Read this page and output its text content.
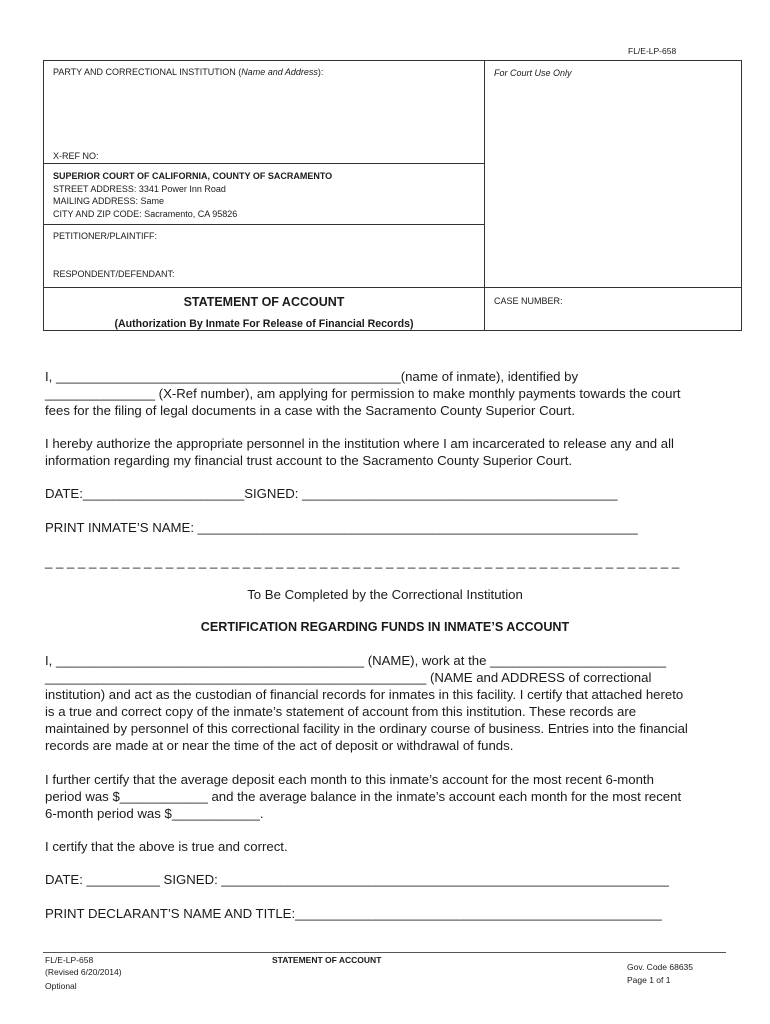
FL/E-LP-658
PARTY AND CORRECTIONAL INSTITUTION (Name and Address):	For Court Use Only
X-REF NO:
SUPERIOR COURT OF CALIFORNIA, COUNTY OF SACRAMENTO
STREET ADDRESS: 3341 Power Inn Road
MAILING ADDRESS: Same
CITY AND ZIP CODE: Sacramento, CA 95826
PETITIONER/PLAINTIFF:
RESPONDENT/DEFENDANT:
STATEMENT OF ACCOUNT
(Authorization By Inmate For Release of Financial Records)
CASE NUMBER:
I, _______________________________________________(name of inmate), identified by
_______________ (X-Ref number), am applying for permission to make monthly payments towards the court
fees for the filing of legal documents in a case with the Sacramento County Superior Court.
I hereby authorize the appropriate personnel in the institution where I am incarcerated to release any and all
information regarding my financial trust account to the Sacramento County Superior Court.
DATE:______________________SIGNED: ___________________________________________
PRINT INMATE’S NAME: ____________________________________________________________
_ _ _ _ _ _ _ _ _ _ _ _ _ _ _ _ _ _ _ _ _ _ _ _ _ _ _ _ _ _ _ _ _ _ _ _ _ _ _ _ _ _ _ _ _ _ _ _ _ _ _ _ _ _ _ _ _ _
To Be Completed by the Correctional Institution
CERTIFICATION REGARDING FUNDS IN INMATE’S ACCOUNT
I, __________________________________________ (NAME), work at the ________________________
____________________________________________________ (NAME and ADDRESS of correctional
institution) and act as the custodian of financial records for inmates in this facility. I certify that attached hereto
is a true and correct copy of the inmate’s statement of account from this institution. These records are
maintained by personnel of this correctional facility in the ordinary course of business. Entries into the financial
records are made at or near the time of the act of deposit or withdrawal of funds.
I further certify that the average deposit each month to this inmate’s account for the most recent 6-month
period was $____________ and the average balance in the inmate’s account each month for the most recent
6-month period was $____________.
I certify that the above is true and correct.
DATE: __________ SIGNED: _____________________________________________________________
PRINT DECLARANT’S NAME AND TITLE:__________________________________________________
FL/E-LP-658
(Revised 6/20/2014)
Optional
STATEMENT OF ACCOUNT
Gov. Code 68635
Page 1 of 1
